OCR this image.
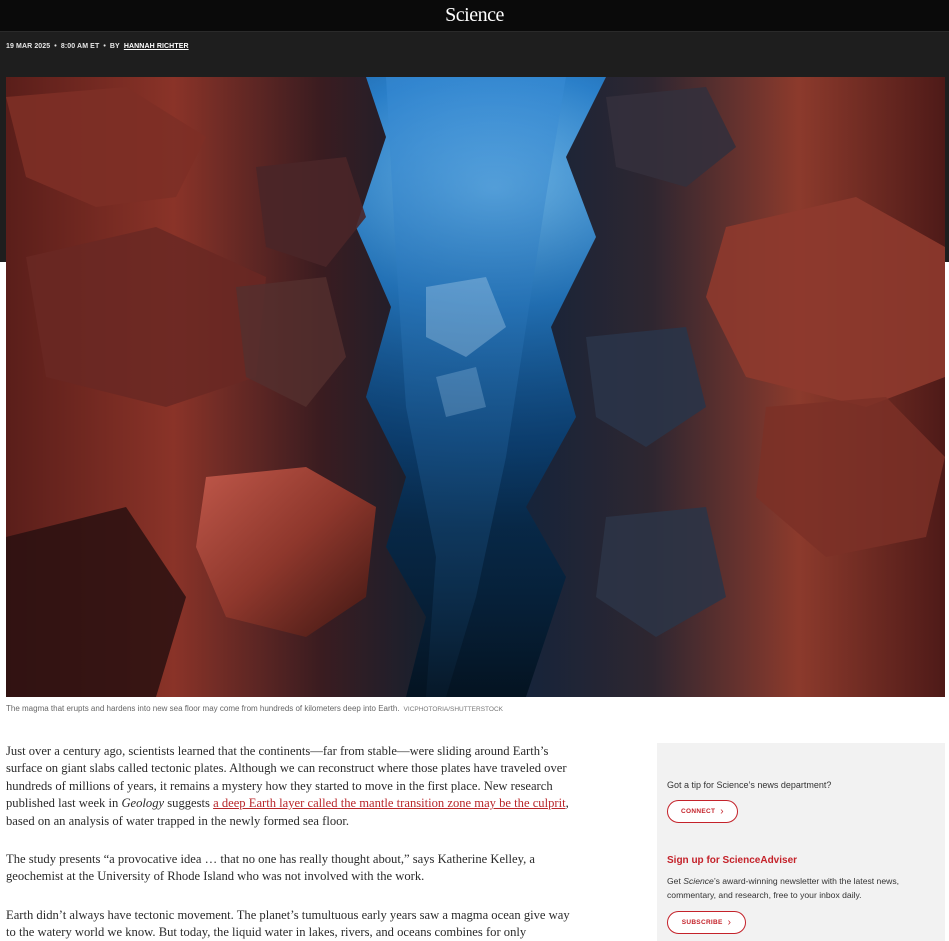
Science
19 MAR 2025 • 8:00 AM ET • BY HANNAH RICHTER
The magma that erupts and hardens into new sea floor may come from hundreds of kilometers deep into Earth. VICPHOTORIA/SHUTTERSTOCK

Just over a century ago, scientists learned that the continents—far from stable—were sliding around Earth’s surface on giant slabs called tectonic plates. Although we can reconstruct where those plates have traveled over hundreds of millions of years, it remains a mystery how they started to move in the first place. New research published last week in Geology suggests a deep Earth layer called the mantle transition zone may be the culprit, based on an analysis of water trapped in the newly formed sea floor.

The study presents “a provocative idea … that no one has really thought about,” says Katherine Kelley, a geochemist at the University of Rhode Island who was not involved with the work.

Earth didn’t always have tectonic movement. The planet’s tumultuous early years saw a magma ocean give way to the watery world we know. But today, the liquid water in lakes, rivers, and oceans combines for only

Got a tip for Science’s news department?
CONNECT ›
Sign up for ScienceAdviser
Get Science’s award-winning newsletter with the latest news, commentary, and research, free to your inbox daily.
SUBSCRIBE ›
